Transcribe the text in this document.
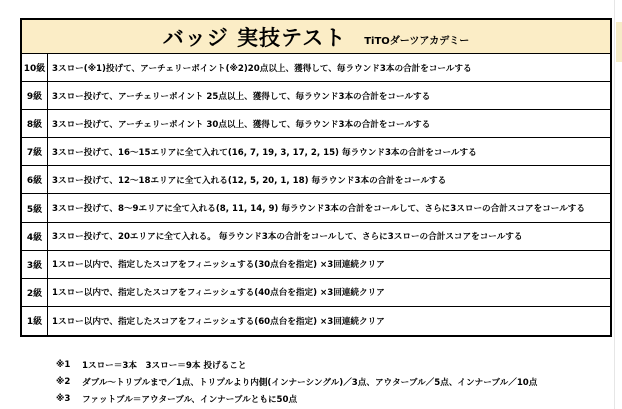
バッジ 実技テスト TiTOダーツアカデミー
10級 3スロー(※1)投げて、アーチェリーポイント(※2)20点以上、獲得して、毎ラウンド3本の合計をコールする
9級	3スロー投げて、アーチェリーポイント 25点以上、獲得して、毎ラウンド3本の合計をコールする
8級	3スロー投げて、アーチェリーポイント 30点以上、獲得して、毎ラウンド3本の合計をコールする
7級	3スロー投げて、16～15エリアに全て入れて(16, 7, 19, 3, 17, 2, 15) 毎ラウンド3本の合計をコールする
6級	3スロー投げて、12～18エリアに全て入れる(12, 5, 20, 1, 18) 毎ラウンド3本の合計をコールする
5級	3スロー投げて、8～9エリアに全て入れる(8, 11, 14, 9) 毎ラウンド3本の合計をコールして、さらに3スローの合計スコアをコールする
4級	3スロー投げて、20エリアに全て入れる。 毎ラウンド3本の合計をコールして、さらに3スローの合計スコアをコールする
3級	1スロー以内で、指定したスコアをフィニッシュする(30点台を指定) ×3回連続クリア
2級	1スロー以内で、指定したスコアをフィニッシュする(40点台を指定) ×3回連続クリア
1級	1スロー以内で、指定したスコアをフィニッシュする(60点台を指定) ×3回連続クリア
※1	1スロー＝3本　3スロー＝9本 投げること
※2	ダブル～トリプルまで／1点、トリプルより内側(インナーシングル)／3点、アウターブル／5点、インナーブル／10点
※3	ファットブル＝アウターブル、インナーブルともに50点
